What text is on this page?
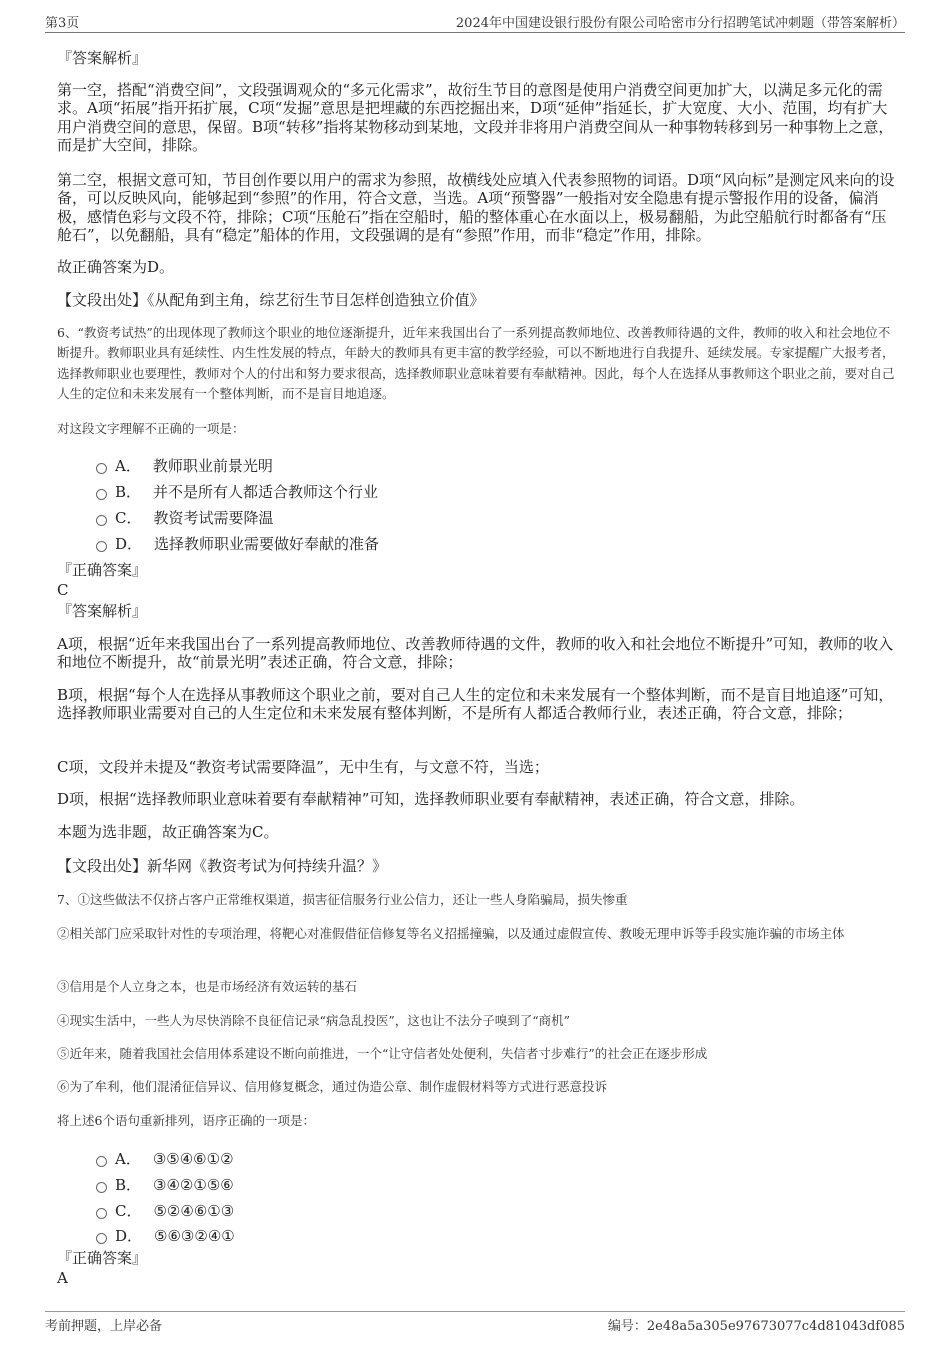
第3页	2024年中国建设银行股份有限公司哈密市分行招聘笔试冲刺题（带答案解析）

『答案解析』

第一空，搭配“消费空间”，文段强调观众的“多元化需求”，故衍生节目的意图是使用户消费空间更加扩大，以满足多元化的需求。A项“拓展”指开拓扩展，C项“发掘”意思是把埋藏的东西挖掘出来，D项“延伸”指延长，扩大宽度、大小、范围，均有扩大用户消费空间的意思，保留。B项“转移”指将某物移动到某地，文段并非将用户消费空间从一种事物转移到另一种事物上之意，而是扩大空间，排除。

第二空，根据文意可知，节目创作要以用户的需求为参照，故横线处应填入代表参照物的词语。D项“风向标”是测定风来向的设备，可以反映风向，能够起到“参照”的作用，符合文意，当选。A项“预警器”一般指对安全隐患有提示警报作用的设备，偏消极，感情色彩与文段不符，排除；C项“压舱石”指在空船时，船的整体重心在水面以上，极易翻船，为此空船航行时都备有“压舱石”，以免翻船，具有“稳定”船体的作用，文段强调的是有“参照”作用，而非“稳定”作用，排除。

故正确答案为D。

【文段出处】《从配角到主角，综艺衍生节目怎样创造独立价值》

6、“教资考试热”的出现体现了教师这个职业的地位逐渐提升，近年来我国出台了一系列提高教师地位、改善教师待遇的文件，教师的收入和社会地位不断提升。教师职业具有延续性、内生性发展的特点，年龄大的教师具有更丰富的教学经验，可以不断地进行自我提升、延续发展。专家提醒广大报考者，选择教师职业也要理性，教师对个人的付出和努力要求很高，选择教师职业意味着要有奉献精神。因此，每个人在选择从事教师这个职业之前，要对自己人生的定位和未来发展有一个整体判断，而不是盲目地追逐。

对这段文字理解不正确的一项是：

A． 教师职业前景光明
B． 并不是所有人都适合教师这个行业
C． 教资考试需要降温
D． 选择教师职业需要做好奉献的准备

『正确答案』

C

『答案解析』

A项，根据“近年来我国出台了一系列提高教师地位、改善教师待遇的文件，教师的收入和社会地位不断提升”可知，教师的收入和地位不断提升，故“前景光明”表述正确，符合文意，排除；

B项，根据“每个人在选择从事教师这个职业之前，要对自己人生的定位和未来发展有一个整体判断，而不是盲目地追逐”可知，选择教师职业需要对自己的人生定位和未来发展有整体判断，不是所有人都适合教师行业，表述正确，符合文意，排除；

C项，文段并未提及“教资考试需要降温”，无中生有，与文意不符，当选；

D项，根据“选择教师职业意味着要有奉献精神”可知，选择教师职业要有奉献精神，表述正确，符合文意，排除。

本题为选非题，故正确答案为C。

【文段出处】新华网《教资考试为何持续升温？》

7、①这些做法不仅挤占客户正常维权渠道，损害征信服务行业公信力，还让一些人身陷骗局，损失惨重

②相关部门应采取针对性的专项治理，将靶心对准假借征信修复等名义招摇撞骗，以及通过虚假宣传、教唆无理申诉等手段实施诈骗的市场主体

③信用是个人立身之本，也是市场经济有效运转的基石

④现实生活中，一些人为尽快消除不良征信记录“病急乱投医”，这也让不法分子嗅到了“商机”

⑤近年来，随着我国社会信用体系建设不断向前推进，一个“让守信者处处便利，失信者寸步难行”的社会正在逐步形成

⑥为了牟利，他们混淆征信异议、信用修复概念，通过伪造公章、制作虚假材料等方式进行恶意投诉

将上述6个语句重新排列，语序正确的一项是：

A． ③⑤④⑥①②
B． ③④②①⑤⑥
C． ⑤②④⑥①③
D． ⑤⑥③②④①

『正确答案』

A

考前押题，上岸必备	编号：2e48a5a305e97673077c4d81043df085
